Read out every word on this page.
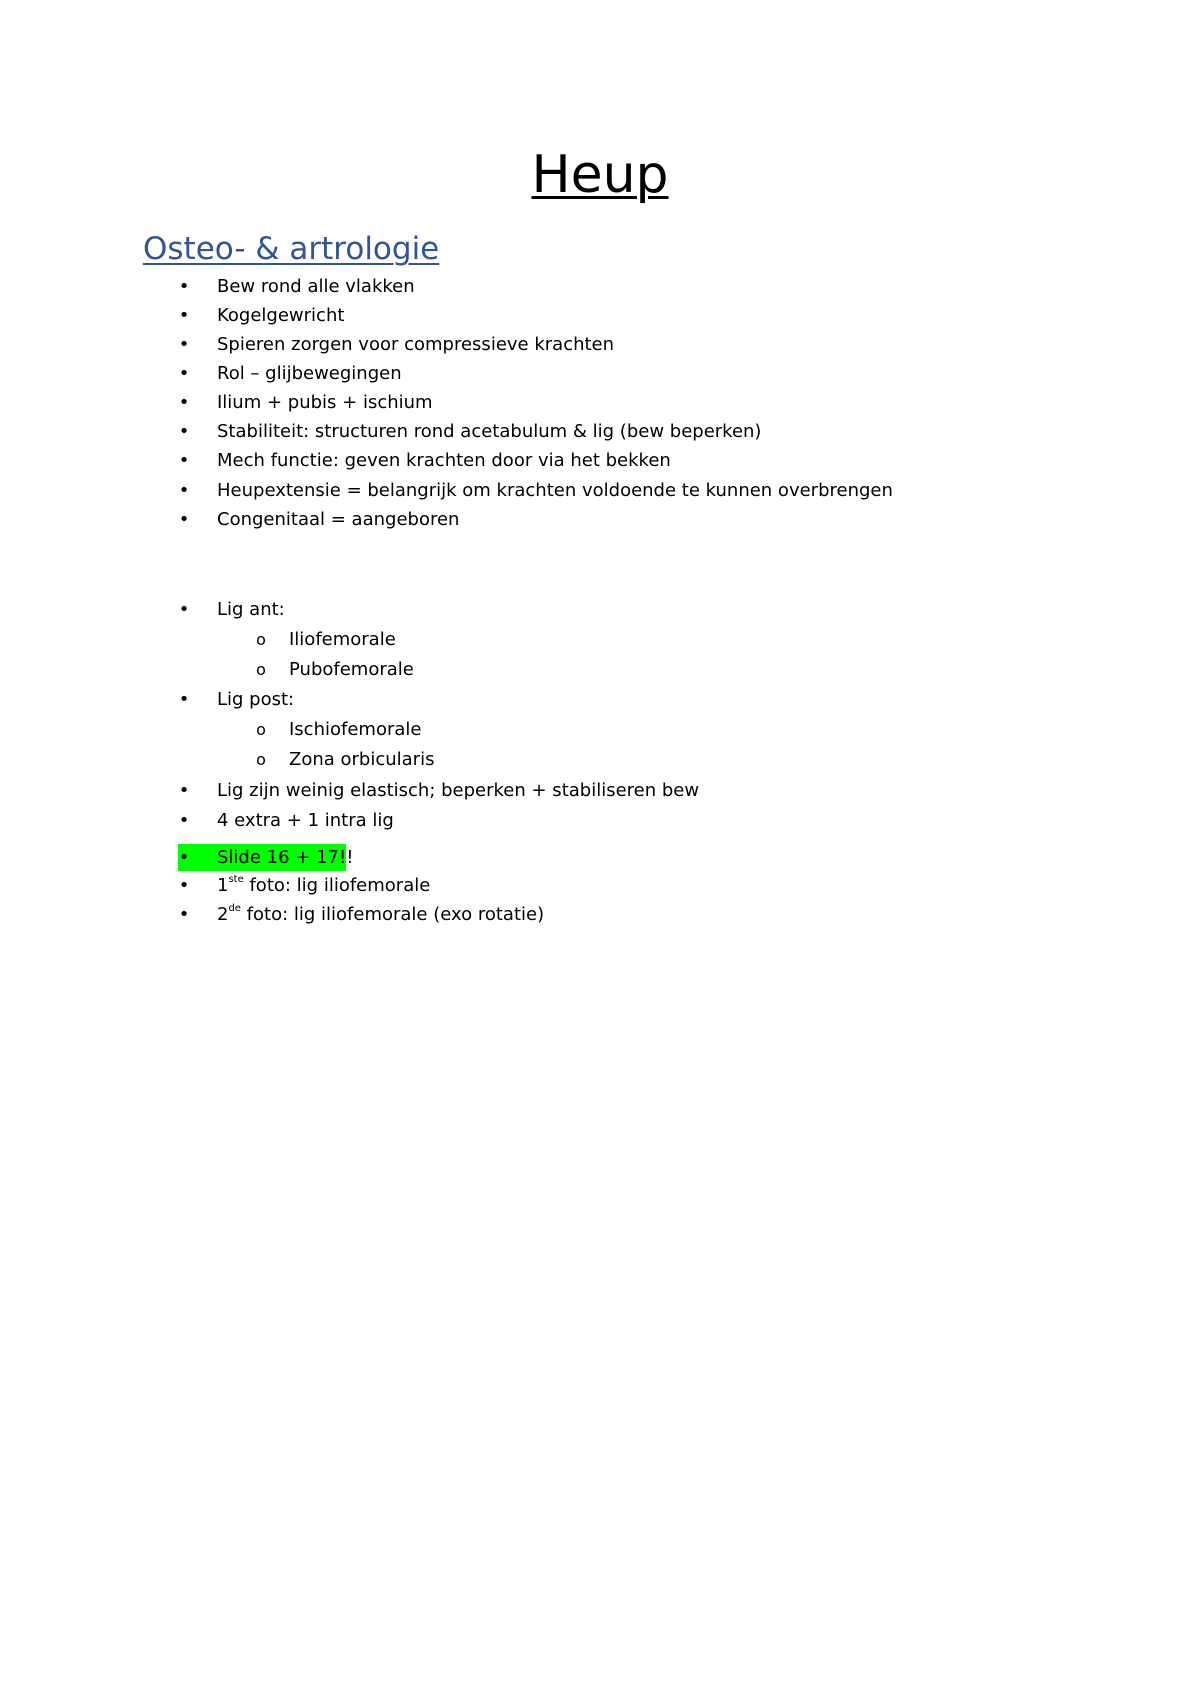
Heup
Osteo- & artrologie
•	Bew rond alle vlakken
•	Kogelgewricht
•	Spieren zorgen voor compressieve krachten
•	Rol – glijbewegingen
•	Ilium + pubis + ischium
•	Stabiliteit: structuren rond acetabulum & lig (bew beperken)
•	Mech functie: geven krachten door via het bekken
•	Heupextensie = belangrijk om krachten voldoende te kunnen overbrengen
•	Congenitaal = aangeboren
•	Lig ant:
o Iliofemorale
o Pubofemorale
•	Lig post:
o Ischiofemorale
o Zona orbicularis
•	Lig zijn weinig elastisch; beperken + stabiliseren bew
•	4 extra + 1 intra lig
•	Slide 16 + 17!!
•	1ste foto: lig iliofemorale
•	2de foto: lig iliofemorale (exo rotatie)
